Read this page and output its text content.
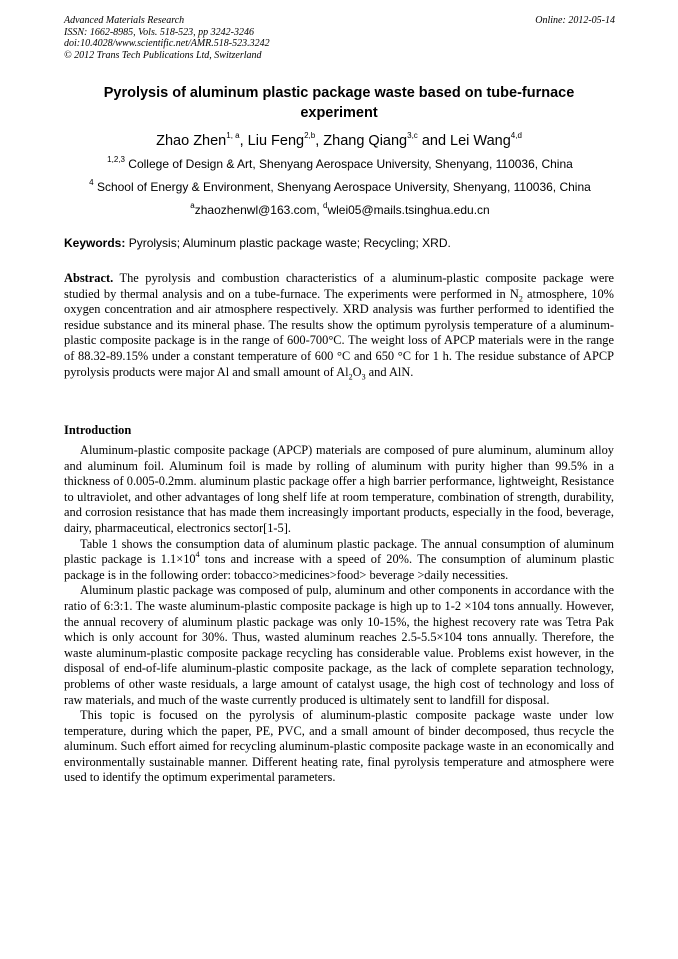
Advanced Materials Research
ISSN: 1662-8985, Vols. 518-523, pp 3242-3246
doi:10.4028/www.scientific.net/AMR.518-523.3242
© 2012 Trans Tech Publications Ltd, Switzerland
Online: 2012-05-14
Pyrolysis of aluminum plastic package waste based on tube-furnace experiment
Zhao Zhen$^{1, a}$, Liu Feng$^{2,b}$, Zhang Qiang$^{3,c}$ and Lei Wang$^{4,d}$
$^{1,2,3}$ College of Design & Art, Shenyang Aerospace University, Shenyang, 110036, China
$^4$ School of Energy & Environment, Shenyang Aerospace University, Shenyang, 110036, China
$^a$zhaozhenwl@163.com, $^d$wlei05@mails.tsinghua.edu.cn
Keywords: Pyrolysis; Aluminum plastic package waste; Recycling; XRD.
Abstract. The pyrolysis and combustion characteristics of a aluminum-plastic composite package were studied by thermal analysis and on a tube-furnace. The experiments were performed in $N_2$ atmosphere, 10% oxygen concentration and air atmosphere respectively. XRD analysis was further performed to identified the residue substance and its mineral phase. The results show the optimum pyrolysis temperature of a aluminum-plastic composite package is in the range of 600-700°C. The weight loss of APCP materials were in the range of 88.32-89.15% under a constant temperature of 600 °C and 650 °C for 1 h. The residue substance of APCP pyrolysis products were major Al and small amount of $Al_2O_3$ and AlN.
Introduction

Aluminum-plastic composite package (APCP) materials are composed of pure aluminum, aluminum alloy and aluminum foil. Aluminum foil is made by rolling of aluminum with purity higher than 99.5% in a thickness of 0.005-0.2mm. aluminum plastic package offer a high barrier performance, lightweight, Resistance to ultraviolet, and other advantages of long shelf life at room temperature, combination of strength, durability, and corrosion resistance that has made them increasingly important products, especially in the food, beverage, dairy, pharmaceutical, electronics sector[1-5].

Table 1 shows the consumption data of aluminum plastic package. The annual consumption of aluminum plastic package is $1.1\times 10^4$ tons and increase with a speed of 20%. The consumption of aluminum plastic package is in the following order: tobacco>medicines>food> beverage >daily necessities.

Aluminum plastic package was composed of pulp, aluminum and other components in accordance with the ratio of 6:3:1. The waste aluminum-plastic composite package is high up to 1-2 ×104 tons annually. However, the annual recovery of aluminum plastic package was only 10-15%, the highest recovery rate was Tetra Pak which is only account for 30%. Thus, wasted aluminum reaches 2.5-5.5×104 tons annually. Therefore, the waste aluminum-plastic composite package recycling has considerable value. Problems exist however, in the disposal of end-of-life aluminum-plastic composite package, as the lack of complete separation technology, problems of other waste residuals, a large amount of catalyst usage, the high cost of technology and loss of raw materials, and much of the waste currently produced is ultimately sent to landfill for disposal.

This topic is focused on the pyrolysis of aluminum-plastic composite package waste under low temperature, during which the paper, PE, PVC, and a small amount of binder decomposed, thus recycle the aluminum. Such effort aimed for recycling aluminum-plastic composite package waste in an economically and environmentally sustainable manner. Different heating rate, final pyrolysis temperature and atmosphere were used to identify the optimum experimental parameters.
